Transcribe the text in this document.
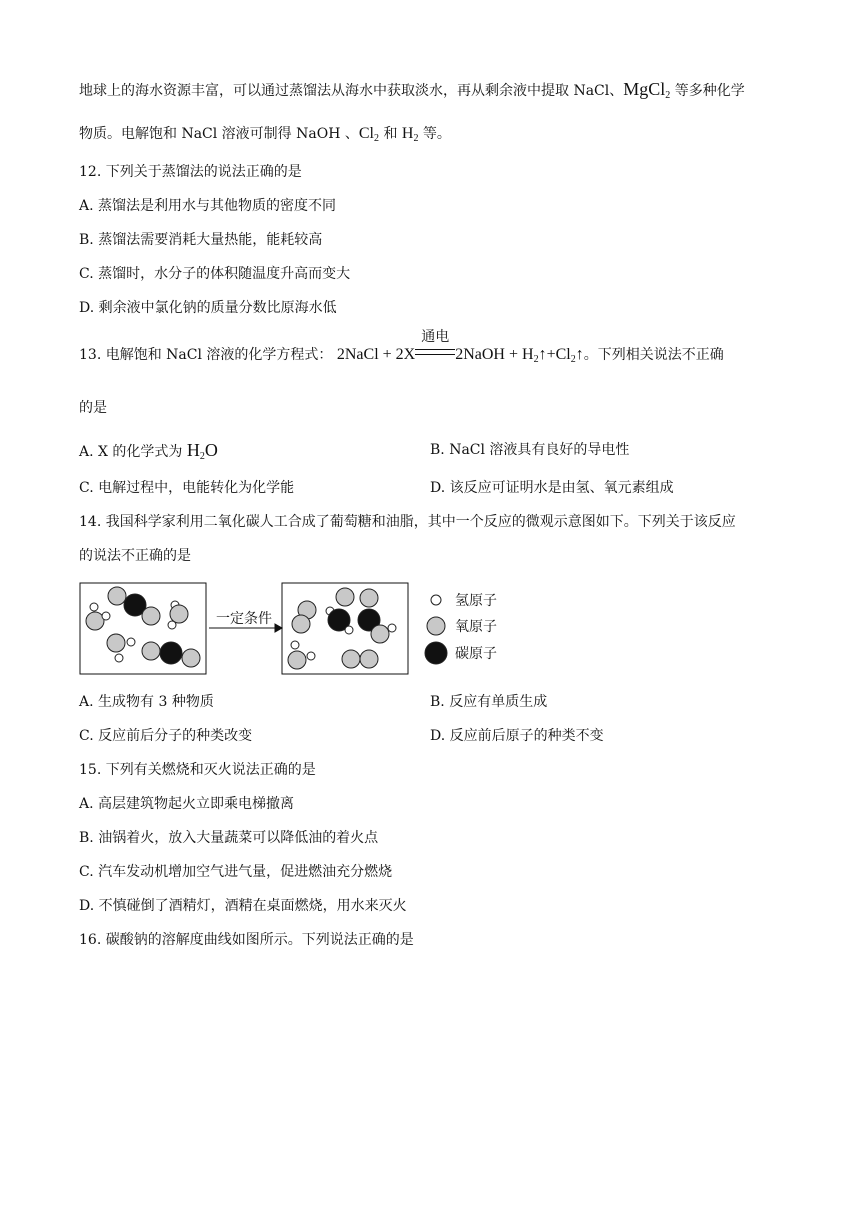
地球上的海水资源丰富，可以通过蒸馏法从海水中获取淡水，再从剩余液中提取 NaCl、MgCl$_2$ 等多种化学
物质。电解饱和 NaCl 溶液可制得 NaOH 、$Cl_2$ 和 $H_2$ 等。
12. 下列关于蒸馏法的说法正确的是
A. 蒸馏法是利用水与其他物质的密度不同
B. 蒸馏法需要消耗大量热能，能耗较高
C. 蒸馏时，水分子的体积随温度升高而变大
D. 剩余液中氯化钠的质量分数比原海水低
13. 电解饱和 NaCl 溶液的化学方程式： 2NaCl + 2X
通电
2NaOH + $H_2↑+Cl_2↑$。下列相关说法不正确
的是
A. X 的化学式为 $H_2O$	B. NaCl 溶液具有良好的导电性
C. 电解过程中，电能转化为化学能	D. 该反应可证明水是由氢、氧元素组成
14. 我国科学家利用二氧化碳人工合成了葡萄糖和油脂，其中一个反应的微观示意图如下。下列关于该反应
的说法不正确的是
一定条件
氢原子
氧原子
碳原子
A. 生成物有 3 种物质	B. 反应有单质生成
C. 反应前后分子的种类改变	D. 反应前后原子的种类不变
15. 下列有关燃烧和灭火说法正确的是
A. 高层建筑物起火立即乘电梯撤离
B. 油锅着火，放入大量蔬菜可以降低油的着火点
C. 汽车发动机增加空气进气量，促进燃油充分燃烧
D. 不慎碰倒了酒精灯，酒精在桌面燃烧，用水来灭火
16. 碳酸钠的溶解度曲线如图所示。下列说法正确的是
